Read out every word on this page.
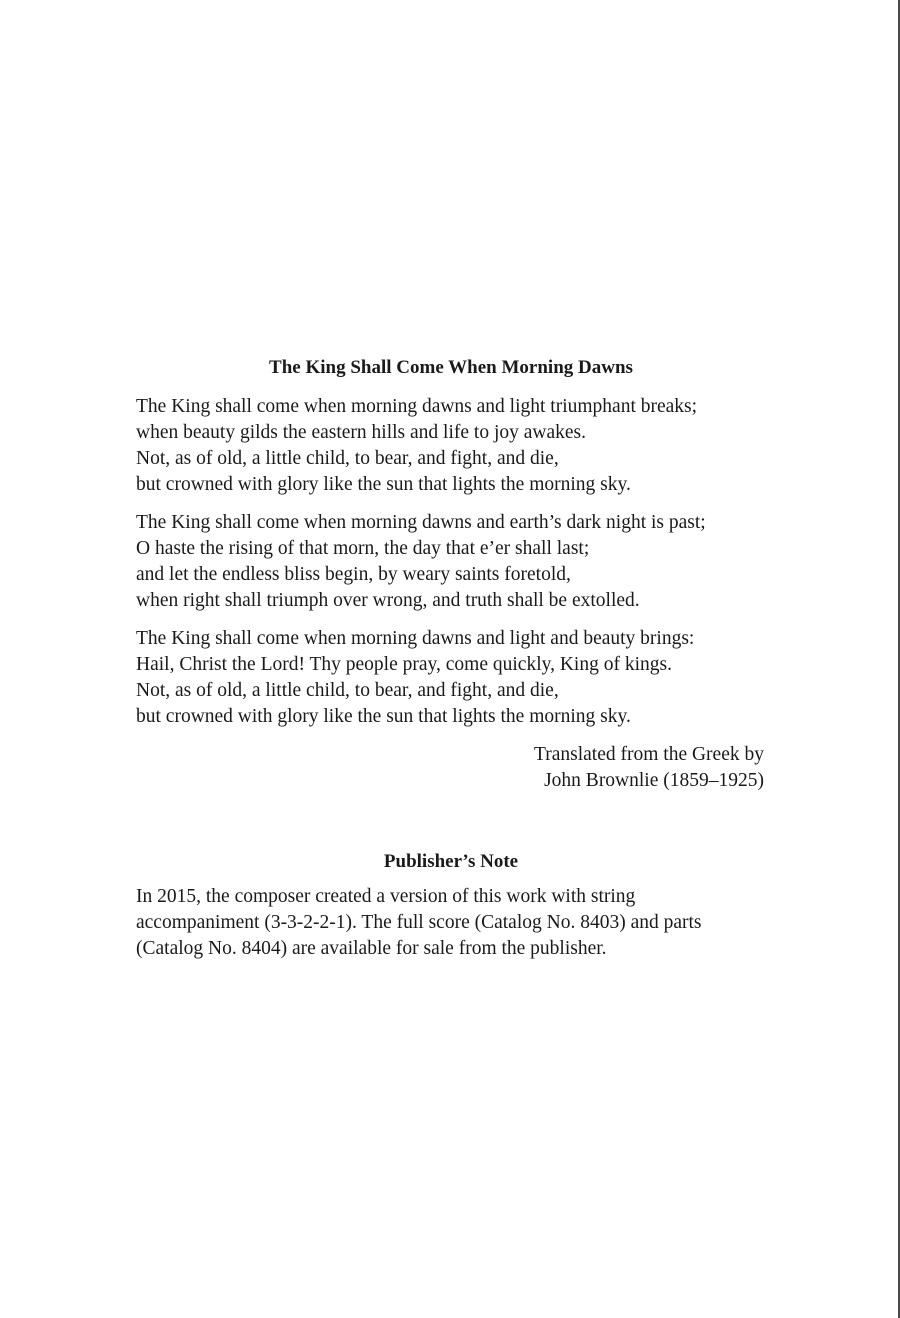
The King Shall Come When Morning Dawns
The King shall come when morning dawns and light triumphant breaks;
when beauty gilds the eastern hills and life to joy awakes.
Not, as of old, a little child, to bear, and fight, and die,
but crowned with glory like the sun that lights the morning sky.
The King shall come when morning dawns and earth’s dark night is past;
O haste the rising of that morn, the day that e’er shall last;
and let the endless bliss begin, by weary saints foretold,
when right shall triumph over wrong, and truth shall be extolled.
The King shall come when morning dawns and light and beauty brings:
Hail, Christ the Lord! Thy people pray, come quickly, King of kings.
Not, as of old, a little child, to bear, and fight, and die,
but crowned with glory like the sun that lights the morning sky.
Translated from the Greek by
John Brownlie (1859–1925)
Publisher’s Note

In 2015, the composer created a version of this work with string
accompaniment (3-3-2-2-1). The full score (Catalog No. 8403) and parts
(Catalog No. 8404) are available for sale from the publisher.
